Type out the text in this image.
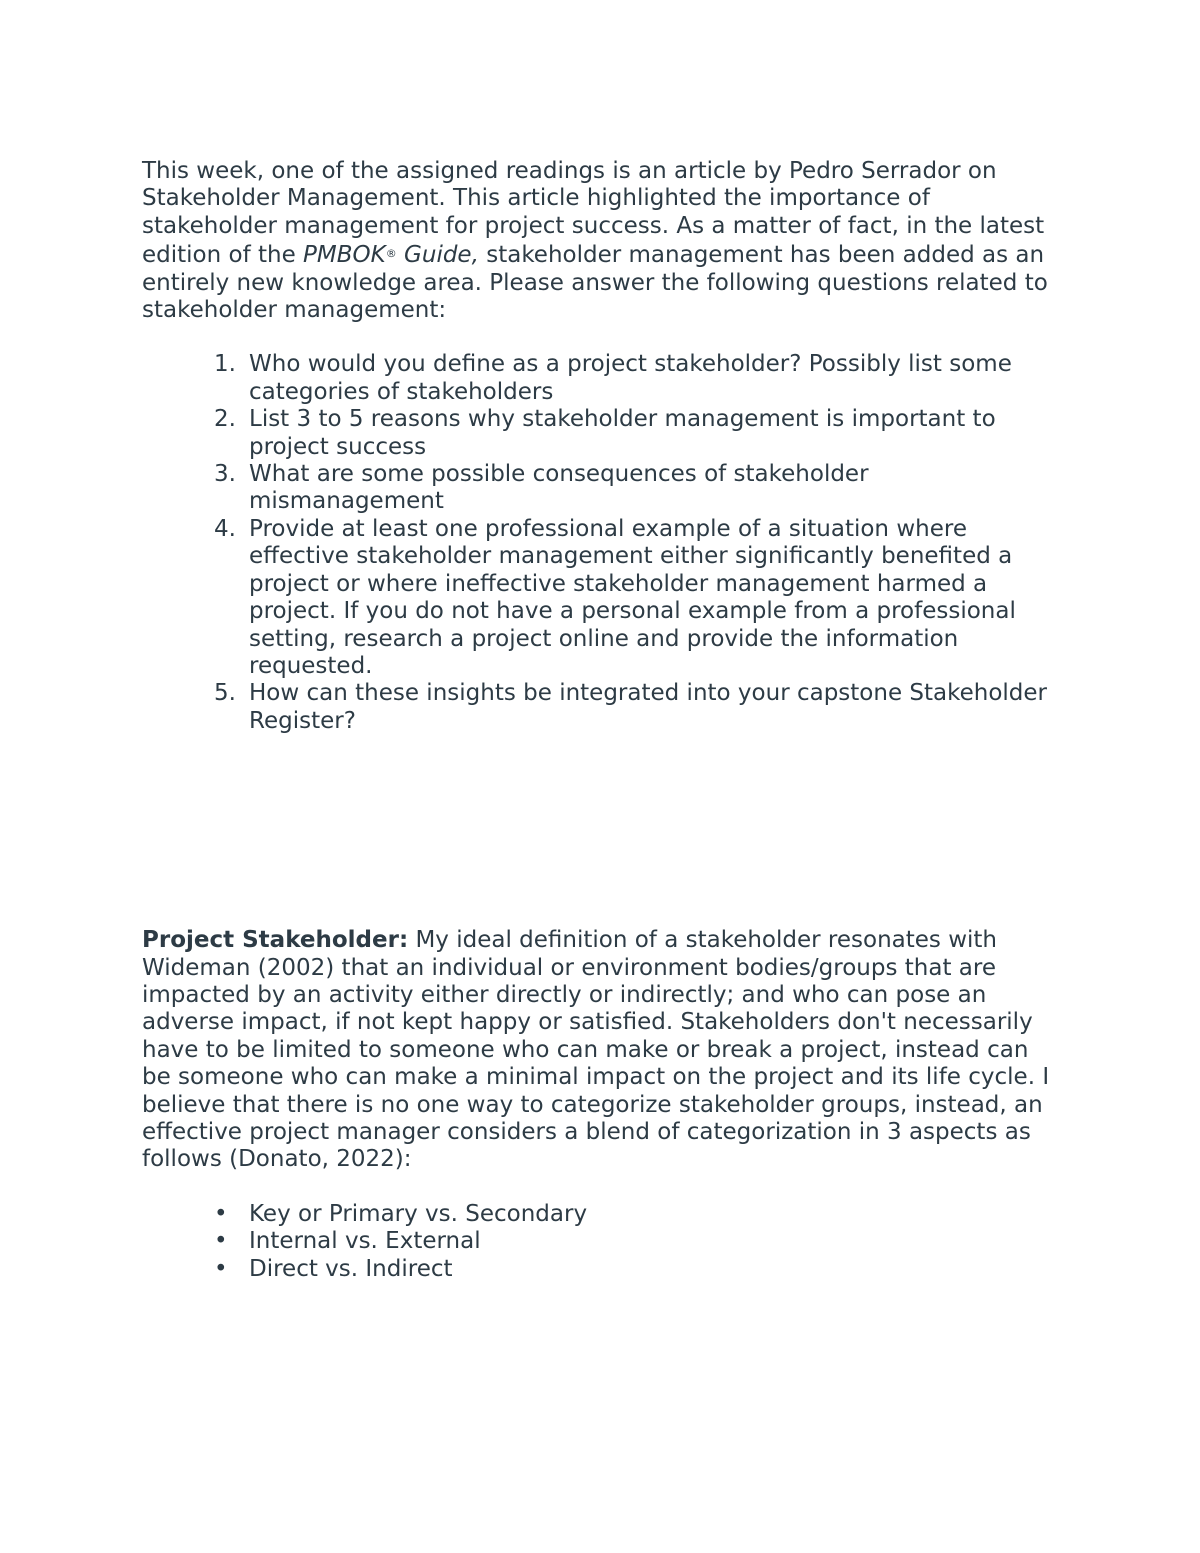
This week, one of the assigned readings is an article by Pedro Serrador on Stakeholder Management. This article highlighted the importance of stakeholder management for project success. As a matter of fact, in the latest edition of the PMBOK® Guide, stakeholder management has been added as an entirely new knowledge area. Please answer the following questions related to stakeholder management:

Who would you define as a project stakeholder? Possibly list some categories of stakeholders
List 3 to 5 reasons why stakeholder management is important to project success
What are some possible consequences of stakeholder mismanagement
Provide at least one professional example of a situation where effective stakeholder management either significantly benefited a project or where ineffective stakeholder management harmed a project. If you do not have a personal example from a professional setting, research a project online and provide the information requested.
How can these insights be integrated into your capstone Stakeholder Register?

Project Stakeholder: My ideal definition of a stakeholder resonates with Wideman (2002) that an individual or environment bodies/groups that are impacted by an activity either directly or indirectly; and who can pose an adverse impact, if not kept happy or satisfied. Stakeholders don't necessarily have to be limited to someone who can make or break a project, instead can be someone who can make a minimal impact on the project and its life cycle. I believe that there is no one way to categorize stakeholder groups, instead, an effective project manager considers a blend of categorization in 3 aspects as follows (Donato, 2022):

• Key or Primary vs. Secondary
• Internal vs. External
• Direct vs. Indirect
